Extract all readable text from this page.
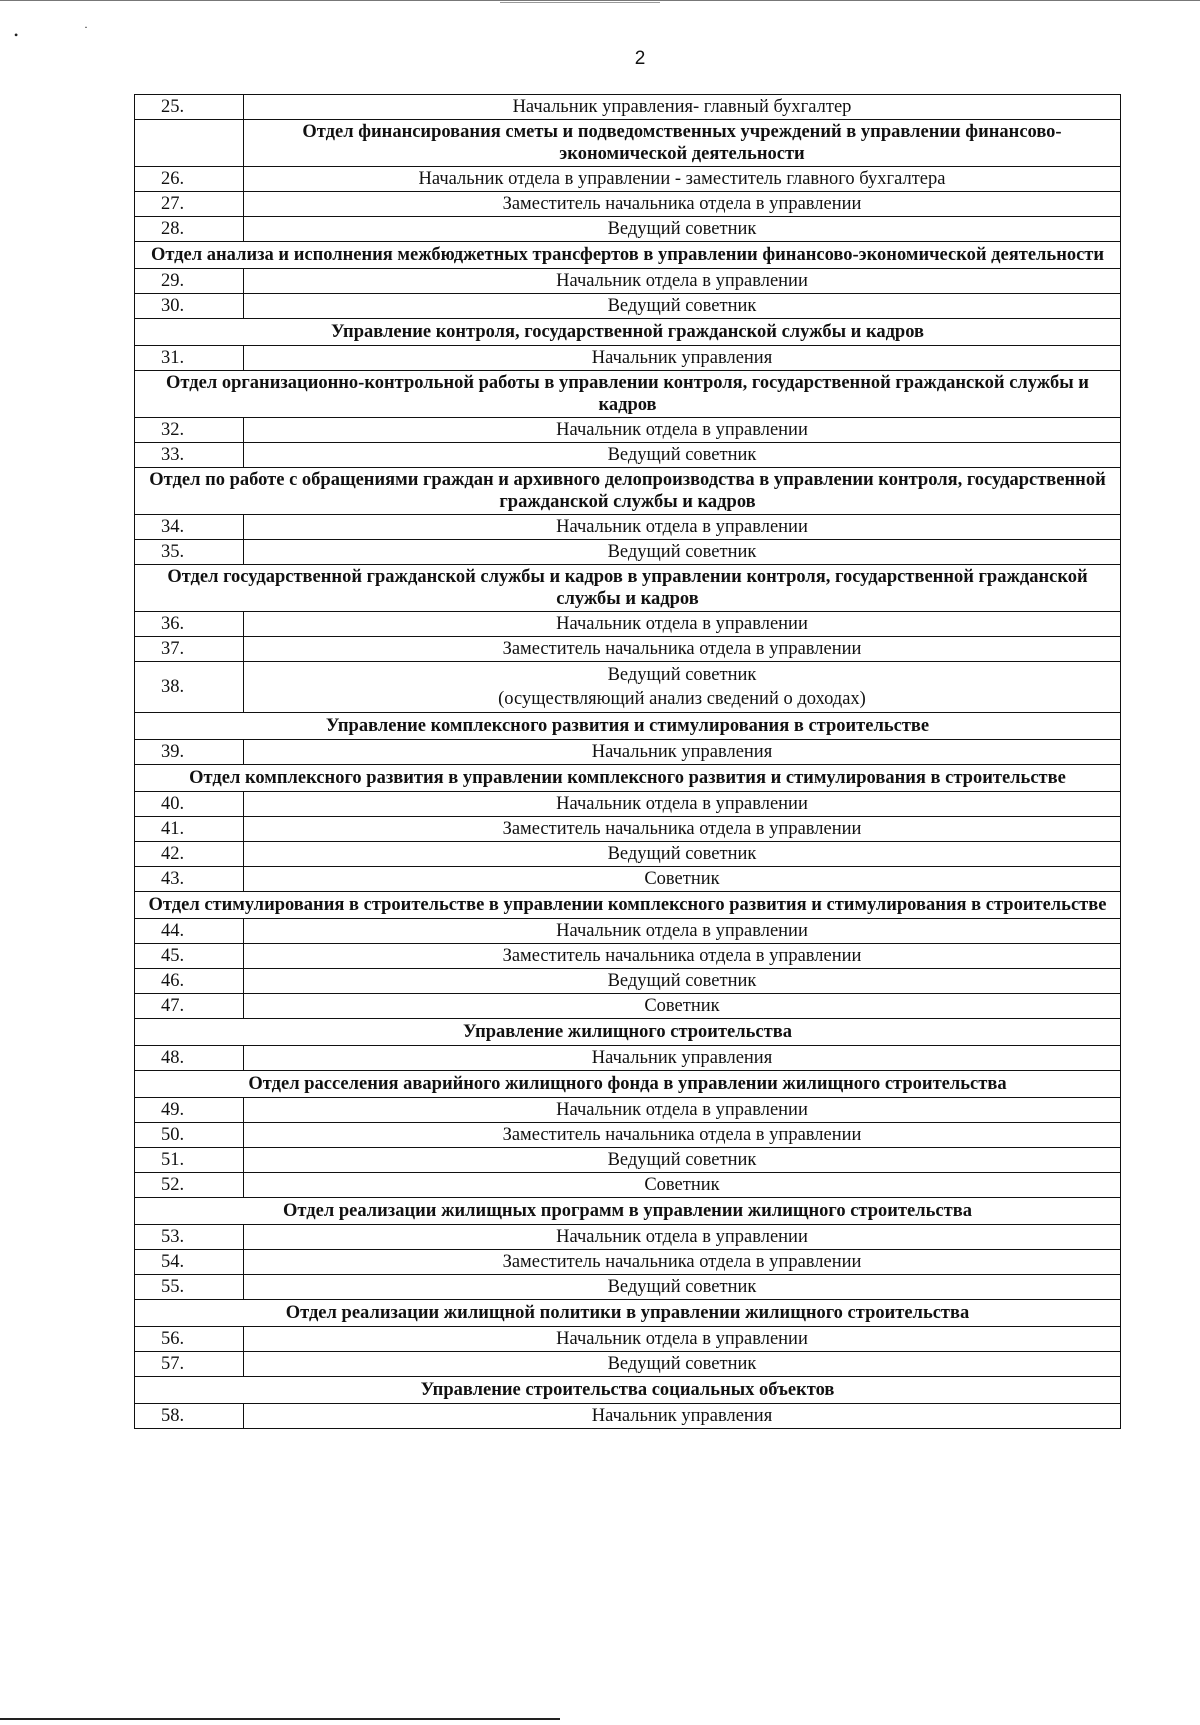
•
·
2
25.	Начальник управления- главный бухгалтер
	Отдел финансирования сметы и подведомственных учреждений в управлении финансово-экономической деятельности
26.	Начальник отдела в управлении - заместитель главного бухгалтера
27.	Заместитель начальника отдела в управлении
28.	Ведущий советник
Отдел анализа и исполнения межбюджетных трансфертов в управлении финансово-экономической деятельности	
29.	Начальник отдела в управлении
30.	Ведущий советник
Управление контроля, государственной гражданской службы и кадров	
31.	Начальник управления
Отдел организационно-контрольной работы в управлении контроля, государственной гражданской службы и кадров	
32.	Начальник отдела в управлении
33.	Ведущий советник
Отдел по работе с обращениями граждан и архивного делопроизводства в управлении контроля, государственной гражданской службы и кадров	
34.	Начальник отдела в управлении
35.	Ведущий советник
Отдел государственной гражданской службы и кадров в управлении контроля, государственной гражданской службы и кадров	
36.	Начальник отдела в управлении
37.	Заместитель начальника отдела в управлении
38.	Ведущий советник
(осуществляющий анализ сведений о доходах)

Управление комплексного развития и стимулирования в строительстве	
39.	Начальник управления
Отдел комплексного развития в управлении комплексного развития и стимулирования в строительстве	
40.	Начальник отдела в управлении
41.	Заместитель начальника отдела в управлении
42.	Ведущий советник
43.	Советник
Отдел стимулирования в строительстве в управлении комплексного развития и стимулирования в строительстве	
44.	Начальник отдела в управлении
45.	Заместитель начальника отдела в управлении
46.	Ведущий советник
47.	Советник
Управление жилищного строительства	
48.	Начальник управления
Отдел расселения аварийного жилищного фонда в управлении жилищного строительства	
49.	Начальник отдела в управлении
50.	Заместитель начальника отдела в управлении
51.	Ведущий советник
52.	Советник
Отдел реализации жилищных программ в управлении жилищного строительства	
53.	Начальник отдела в управлении
54.	Заместитель начальника отдела в управлении
55.	Ведущий советник
Отдел реализации жилищной политики в управлении жилищного строительства	
56.	Начальник отдела в управлении
57.	Ведущий советник
Управление строительства социальных объектов	
58.	Начальник управления
